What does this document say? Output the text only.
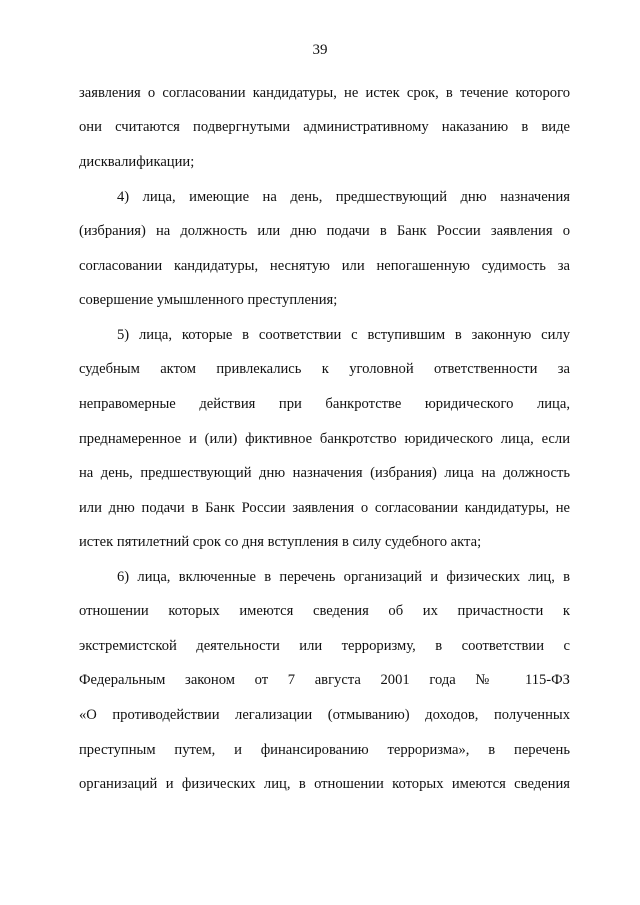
39
заявления о согласовании кандидатуры, не истек срок, в течение которого
они считаются подвергнутыми административному наказанию в виде
дисквалификации;
4) лица, имеющие на день, предшествующий дню назначения
(избрания) на должность или дню подачи в Банк России заявления о
согласовании кандидатуры, неснятую или непогашенную судимость за
совершение умышленного преступления;
5) лица, которые в соответствии с вступившим в законную силу
судебным актом привлекались к уголовной ответственности за
неправомерные действия при банкротстве юридического лица,
преднамеренное и (или) фиктивное банкротство юридического лица, если
на день, предшествующий дню назначения (избрания) лица на должность
или дню подачи в Банк России заявления о согласовании кандидатуры, не
истек пятилетний срок со дня вступления в силу судебного акта;
6) лица, включенные в перечень организаций и физических лиц, в
отношении которых имеются сведения об их причастности к
экстремистской деятельности или терроризму, в соответствии с
Федеральным законом от 7 августа 2001 года № 115-ФЗ
«О противодействии легализации (отмыванию) доходов, полученных
преступным путем, и финансированию терроризма», в перечень
организаций и физических лиц, в отношении которых имеются сведения
